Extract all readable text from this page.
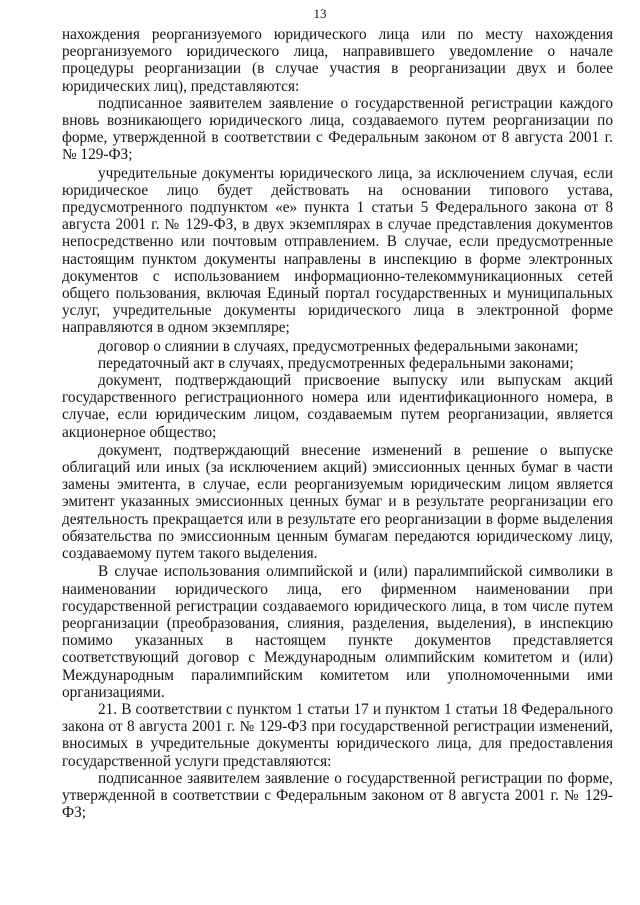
13

нахождения реорганизуемого юридического лица или по месту нахождения реорганизуемого юридического лица, направившего уведомление о начале процедуры реорганизации (в случае участия в реорганизации двух и более юридических лиц), представляются:

подписанное заявителем заявление о государственной регистрации каждого вновь возникающего юридического лица, создаваемого путем реорганизации по форме, утвержденной в соответствии с Федеральным законом от 8 августа 2001 г. № 129-ФЗ;

учредительные документы юридического лица, за исключением случая, если юридическое лицо будет действовать на основании типового устава, предусмотренного подпунктом «е» пункта 1 статьи 5 Федерального закона от 8 августа 2001 г. № 129-ФЗ, в двух экземплярах в случае представления документов непосредственно или почтовым отправлением. В случае, если предусмотренные настоящим пунктом документы направлены в инспекцию в форме электронных документов с использованием информационно-телекоммуникационных сетей общего пользования, включая Единый портал государственных и муниципальных услуг, учредительные документы юридического лица в электронной форме направляются в одном экземпляре;

договор о слиянии в случаях, предусмотренных федеральными законами;

передаточный акт в случаях, предусмотренных федеральными законами;

документ, подтверждающий присвоение выпуску или выпускам акций государственного регистрационного номера или идентификационного номера, в случае, если юридическим лицом, создаваемым путем реорганизации, является акционерное общество;

документ, подтверждающий внесение изменений в решение о выпуске облигаций или иных (за исключением акций) эмиссионных ценных бумаг в части замены эмитента, в случае, если реорганизуемым юридическим лицом является эмитент указанных эмиссионных ценных бумаг и в результате реорганизации его деятельность прекращается или в результате его реорганизации в форме выделения обязательства по эмиссионным ценным бумагам передаются юридическому лицу, создаваемому путем такого выделения.

В случае использования олимпийской и (или) паралимпийской символики в наименовании юридического лица, его фирменном наименовании при государственной регистрации создаваемого юридического лица, в том числе путем реорганизации (преобразования, слияния, разделения, выделения), в инспекцию помимо указанных в настоящем пункте документов представляется соответствующий договор с Международным олимпийским комитетом и (или) Международным паралимпийским комитетом или уполномоченными ими организациями.

21. В соответствии с пунктом 1 статьи 17 и пунктом 1 статьи 18 Федерального закона от 8 августа 2001 г. № 129-ФЗ при государственной регистрации изменений, вносимых в учредительные документы юридического лица, для предоставления государственной услуги представляются:

подписанное заявителем заявление о государственной регистрации по форме, утвержденной в соответствии с Федеральным законом от 8 августа 2001 г. № 129-ФЗ;
